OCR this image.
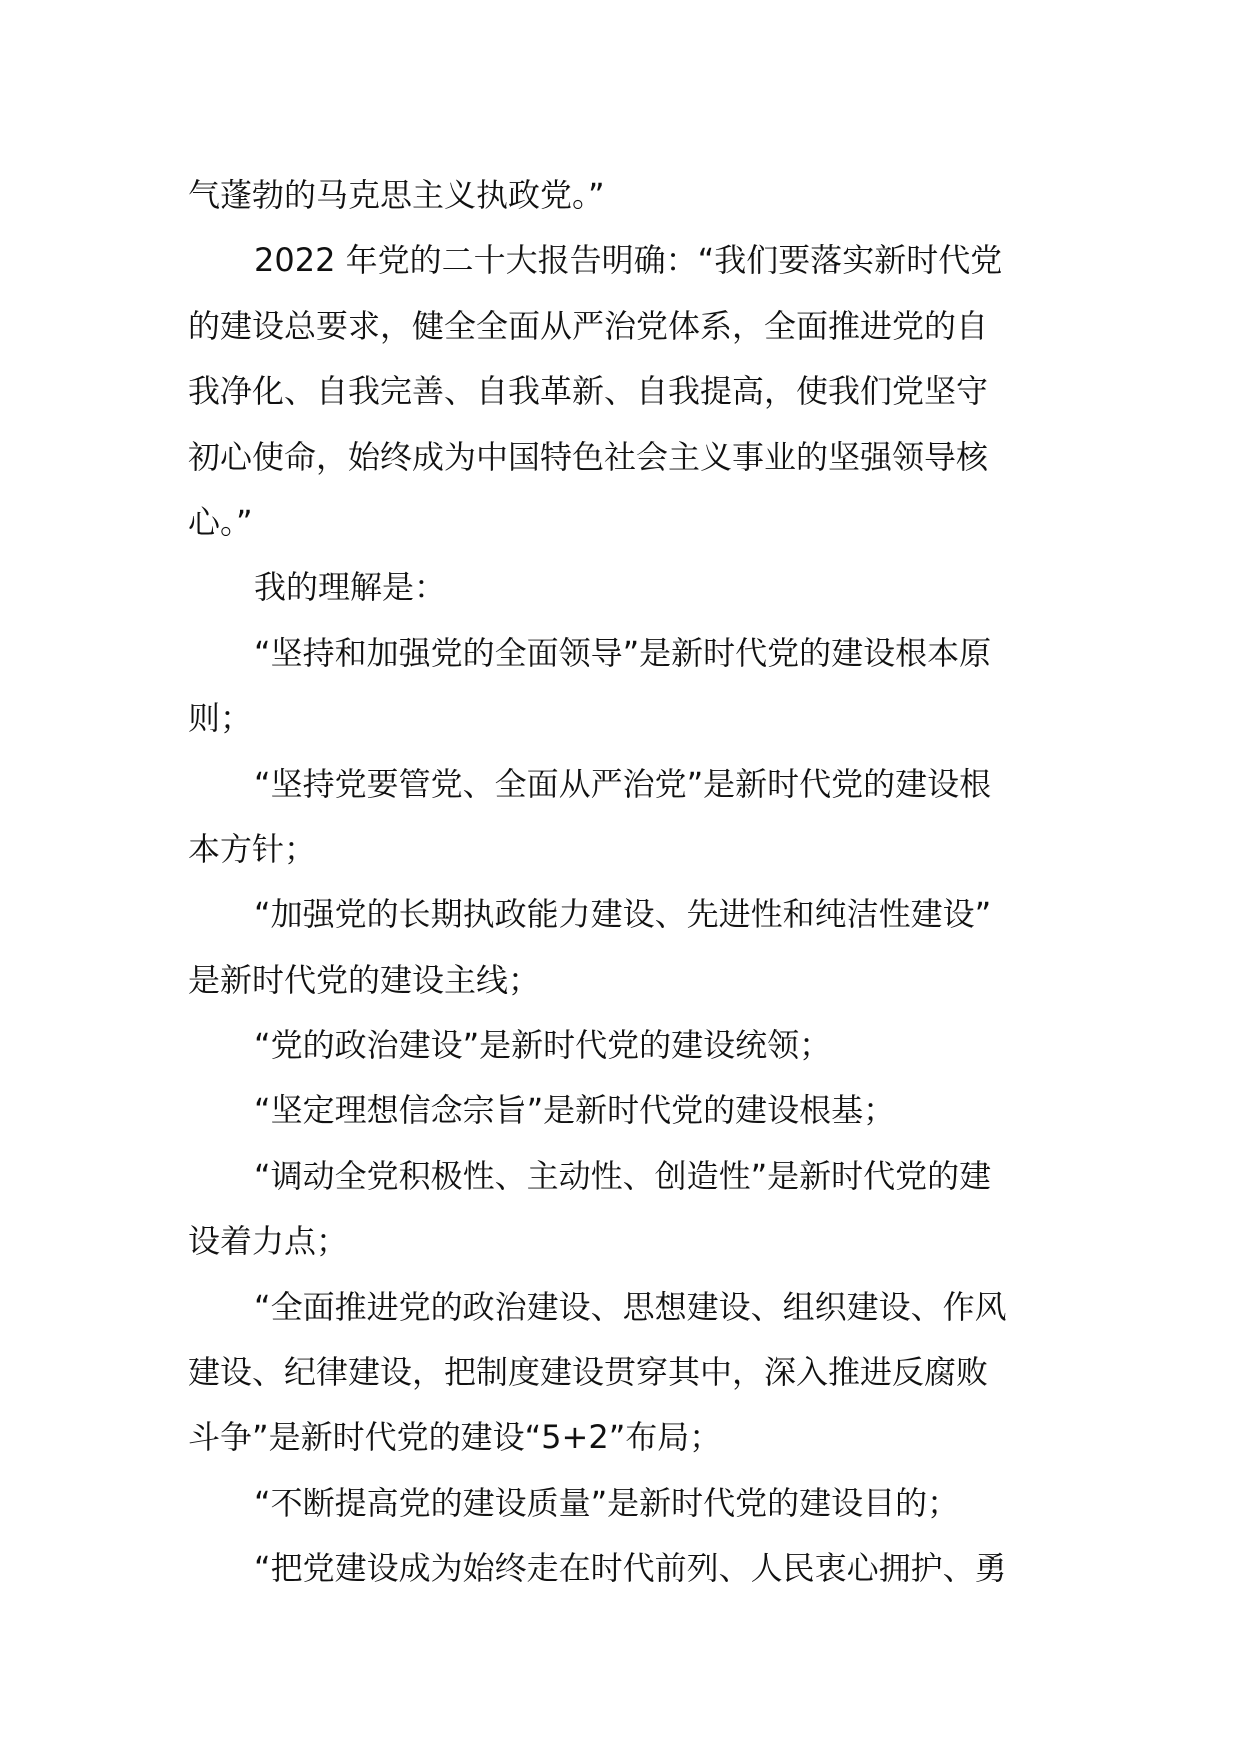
气蓬勃的马克思主义执政党。”
2022 年党的二十大报告明确：“我们要落实新时代党
的建设总要求，健全全面从严治党体系，全面推进党的自
我净化、自我完善、自我革新、自我提高，使我们党坚守
初心使命，始终成为中国特色社会主义事业的坚强领导核
心。”
我的理解是：
“坚持和加强党的全面领导”是新时代党的建设根本原
则；
“坚持党要管党、全面从严治党”是新时代党的建设根
本方针；
“加强党的长期执政能力建设、先进性和纯洁性建设”
是新时代党的建设主线；
“党的政治建设”是新时代党的建设统领；
“坚定理想信念宗旨”是新时代党的建设根基；
“调动全党积极性、主动性、创造性”是新时代党的建
设着力点；
“全面推进党的政治建设、思想建设、组织建设、作风
建设、纪律建设，把制度建设贯穿其中，深入推进反腐败
斗争”是新时代党的建设“5+2”布局；
“不断提高党的建设质量”是新时代党的建设目的；
“把党建设成为始终走在时代前列、人民衷心拥护、勇
